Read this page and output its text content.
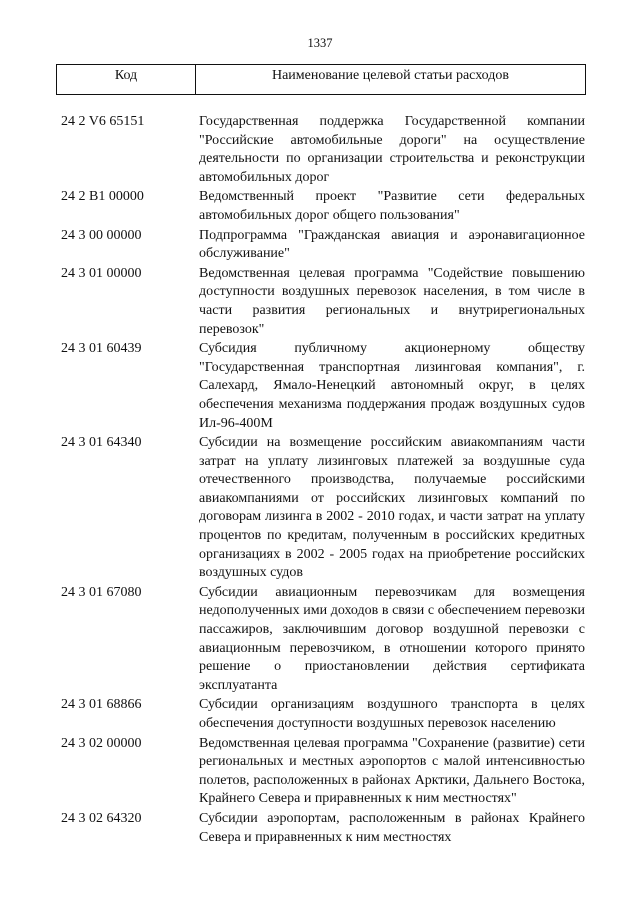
1337
Код	Наименование целевой статьи расходов
24 2 V6 65151	Государственная поддержка Государственной компании "Российские автомобильные дороги" на осуществление деятельности по организации строительства и реконструкции автомобильных дорог
24 2 B1 00000	Ведомственный проект "Развитие сети федеральных автомобильных дорог общего пользования"
24 3 00 00000	Подпрограмма "Гражданская авиация и аэронавигационное обслуживание"
24 3 01 00000	Ведомственная целевая программа "Содействие повышению доступности воздушных перевозок населения, в том числе в части развития региональных и внутрирегиональных перевозок"
24 3 01 60439	Субсидия публичному акционерному обществу "Государственная транспортная лизинговая компания", г. Салехард, Ямало-Ненецкий автономный округ, в целях обеспечения механизма поддержания продаж воздушных судов Ил-96-400М
24 3 01 64340	Субсидии на возмещение российским авиакомпаниям части затрат на уплату лизинговых платежей за воздушные суда отечественного производства, получаемые российскими авиакомпаниями от российских лизинговых компаний по договорам лизинга в 2002 - 2010 годах, и части затрат на уплату процентов по кредитам, полученным в российских кредитных организациях в 2002 - 2005 годах на приобретение российских воздушных судов
24 3 01 67080	Субсидии авиационным перевозчикам для возмещения недополученных ими доходов в связи с обеспечением перевозки пассажиров, заключившим договор воздушной перевозки с авиационным перевозчиком, в отношении которого принято решение о приостановлении действия сертификата эксплуатанта
24 3 01 68866	Субсидии организациям воздушного транспорта в целях обеспечения доступности воздушных перевозок населению
24 3 02 00000	Ведомственная целевая программа "Сохранение (развитие) сети региональных и местных аэропортов с малой интенсивностью полетов, расположенных в районах Арктики, Дальнего Востока, Крайнего Севера и приравненных к ним местностях"
24 3 02 64320	Субсидии аэропортам, расположенным в районах Крайнего Севера и приравненных к ним местностях
